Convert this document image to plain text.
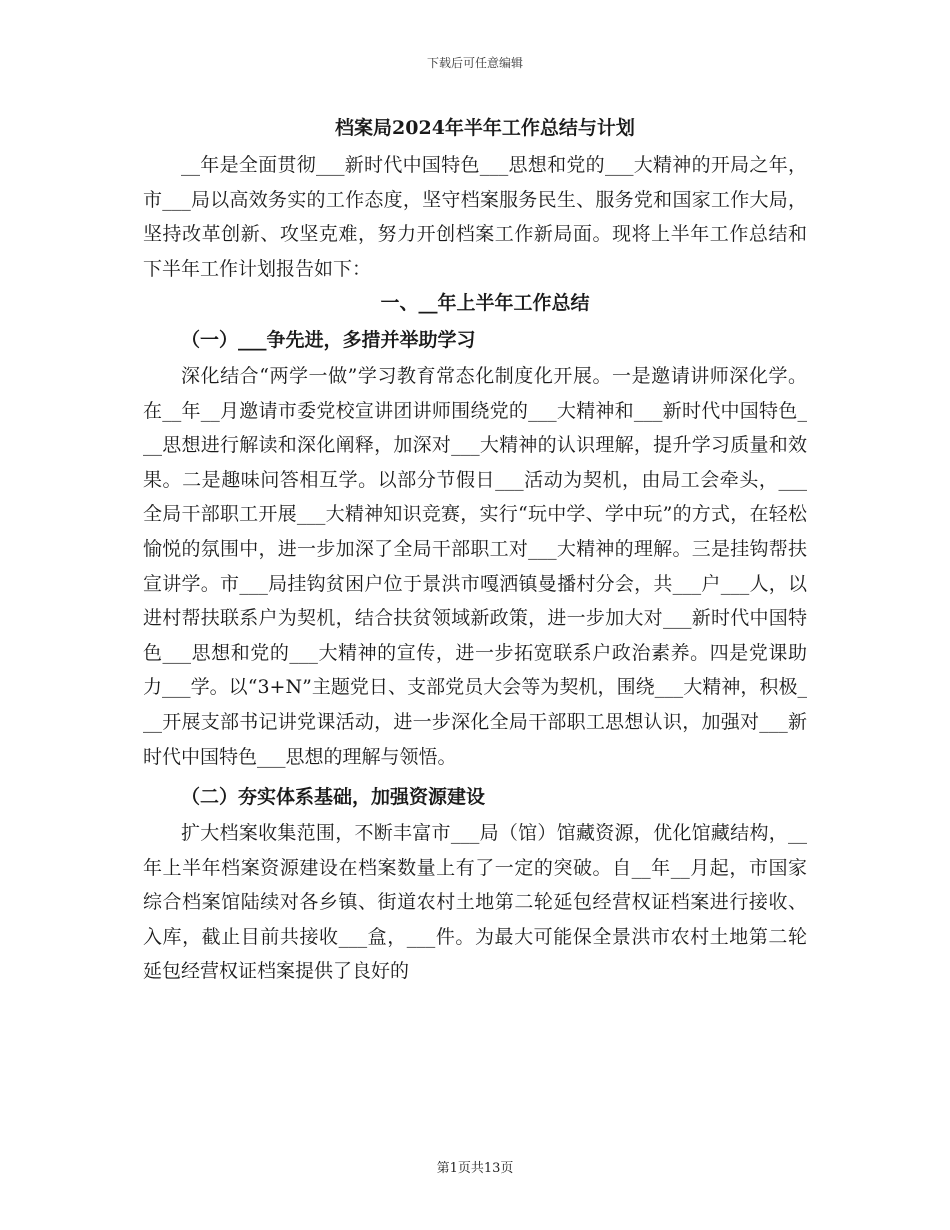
下载后可任意编辑
档案局2024年半年工作总结与计划

__年是全面贯彻___新时代中国特色___思想和党的___大精神的开局之年，市___局以高效务实的工作态度，坚守档案服务民生、服务党和国家工作大局，坚持改革创新、攻坚克难，努力开创档案工作新局面。现将上半年工作总结和下半年工作计划报告如下：

一、__年上半年工作总结

（一）___争先进，多措并举助学习

深化结合“两学一做”学习教育常态化制度化开展。一是邀请讲师深化学。在__年__月邀请市委党校宣讲团讲师围绕党的___大精神和___新时代中国特色___思想进行解读和深化阐释，加深对___大精神的认识理解，提升学习质量和效果。二是趣味问答相互学。以部分节假日___活动为契机，由局工会牵头，___全局干部职工开展___大精神知识竞赛，实行“玩中学、学中玩”的方式，在轻松愉悦的氛围中，进一步加深了全局干部职工对___大精神的理解。三是挂钩帮扶宣讲学。市___局挂钩贫困户位于景洪市嘎洒镇曼播村分会，共___户___人，以进村帮扶联系户为契机，结合扶贫领域新政策，进一步加大对___新时代中国特色___思想和党的___大精神的宣传，进一步拓宽联系户政治素养。四是党课助力___学。以“3+N”主题党日、支部党员大会等为契机，围绕___大精神，积极___开展支部书记讲党课活动，进一步深化全局干部职工思想认识，加强对___新时代中国特色___思想的理解与领悟。

（二）夯实体系基础，加强资源建设

扩大档案收集范围，不断丰富市___局（馆）馆藏资源，优化馆藏结构，__年上半年档案资源建设在档案数量上有了一定的突破。自__年__月起，市国家综合档案馆陆续对各乡镇、街道农村土地第二轮延包经营权证档案进行接收、入库，截止目前共接收___盒，___件。为最大可能保全景洪市农村土地第二轮延包经营权证档案提供了良好的

第1页共13页
